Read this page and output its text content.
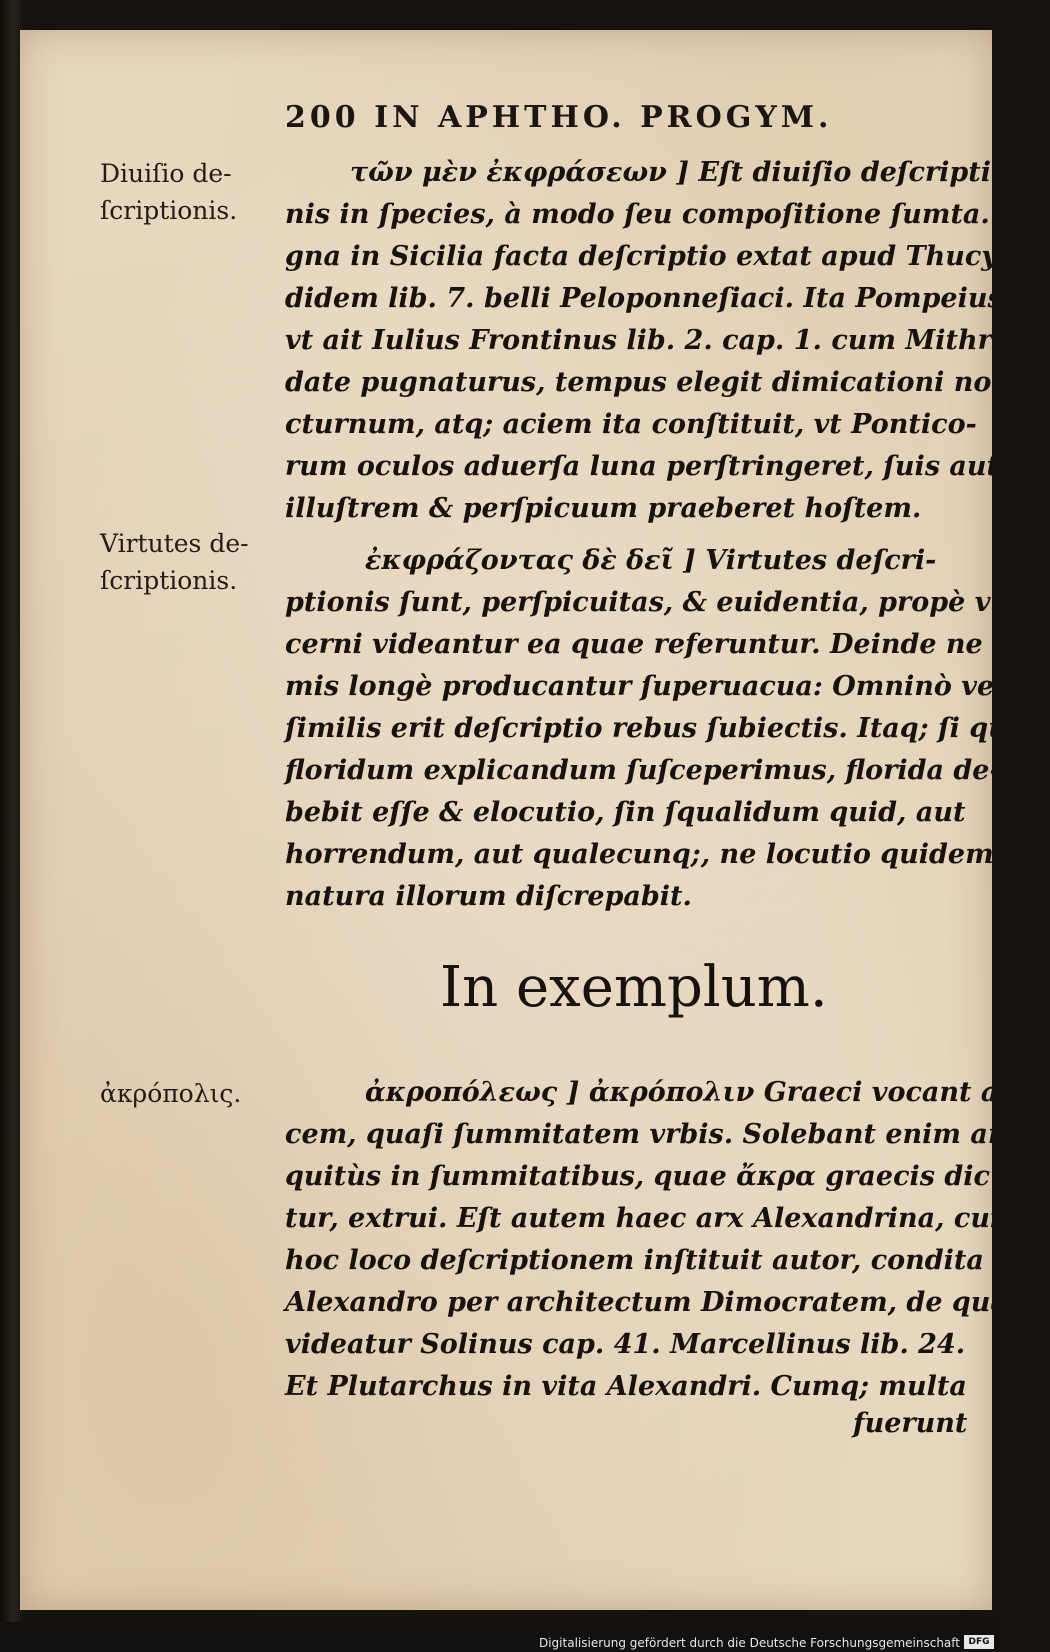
200 IN APHTHO. PROGYM.
Diuiſio de-
ſcriptionis.
Virtutes de-
ſcriptionis.
ἀκρόπολις.
τῶν μὲν ἐκφράσεων ] Eſt diuiſio deſcriptio-
nis in ſpecies, à modo ſeu compoſitione ſumta. Pu-
gna in Sicilia facta deſcriptio extat apud Thucy-
didem lib. 7. belli Peloponneſiaci. Ita Pompeius,
vt ait Iulius Frontinus lib. 2. cap. 1. cum Mithri-
date pugnaturus, tempus elegit dimicationi no-
cturnum, atq; aciem ita conſtituit, vt Pontico-
rum oculos aduerſa luna perſtringeret, ſuis autem
illuſtrem & perſpicuum praeberet hoſtem.
ἐκφράζοντας δὲ δεῖ ] Virtutes deſcri-
ptionis ſunt, perſpicuitas, & euidentia, propè vt
cerni videantur ea quae referuntur. Deinde ne ni-
mis longè producantur ſuperuacua: Omninò verò
ſimilis erit deſcriptio rebus ſubiectis. Itaq; ſi quid
floridum explicandum ſuſceperimus, florida de-
bebit eſſe & elocutio, ſin ſqualidum quid, aut
horrendum, aut qualecunq;, ne locutio quidem à
natura illorum diſcrepabit.
In exemplum.
ἀκροπόλεως ] ἀκρόπολιν Graeci vocant ar-
cem, quaſi ſummitatem vrbis. Solebant enim anti-
quitùs in ſummitatibus, quae ἄκρα graecis dicun-
tur, extrui. Eſt autem haec arx Alexandrina, cuius
hoc loco deſcriptionem inſtituit autor, condita ab
Alexandro per architectum Dimocratem, de qua
videatur Solinus cap. 41. Marcellinus lib. 24.
Et Plutarchus in vita Alexandri. Cumq; multa
fuerunt
Digitalisierung gefördert durch die Deutsche Forschungsgemeinschaft DFG
